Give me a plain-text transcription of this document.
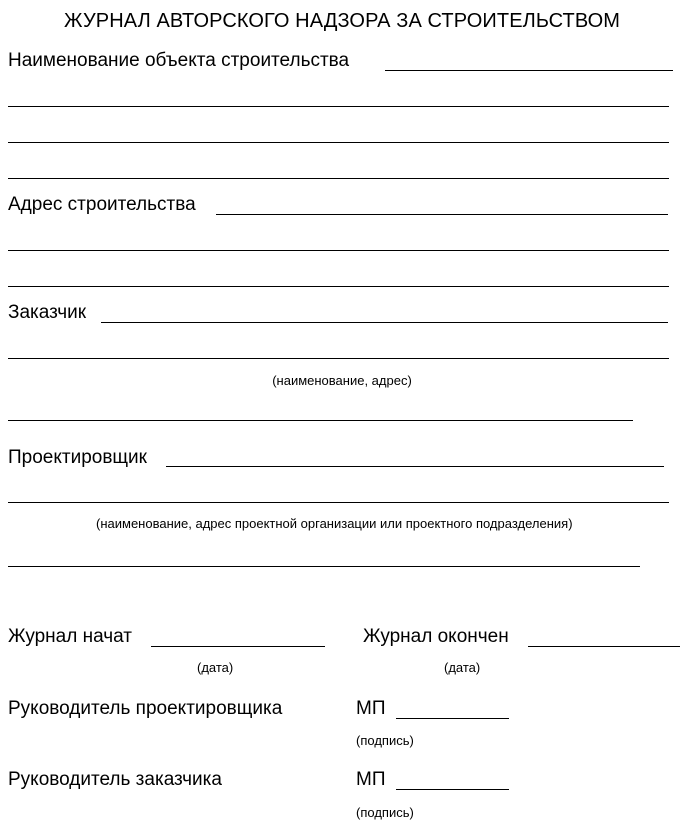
ЖУРНАЛ АВТОРСКОГО НАДЗОРА ЗА СТРОИТЕЛЬСТВОМ
Наименование объекта строительства
Адрес строительства
Заказчик
(наименование, адрес)
Проектировщик
(наименование, адрес проектной организации или проектного подразделения)
Журнал начат
(дата)
Журнал окончен
(дата)
Руководитель проектировщика	МП
(подпись)
Руководитель заказчика	МП
(подпись)
